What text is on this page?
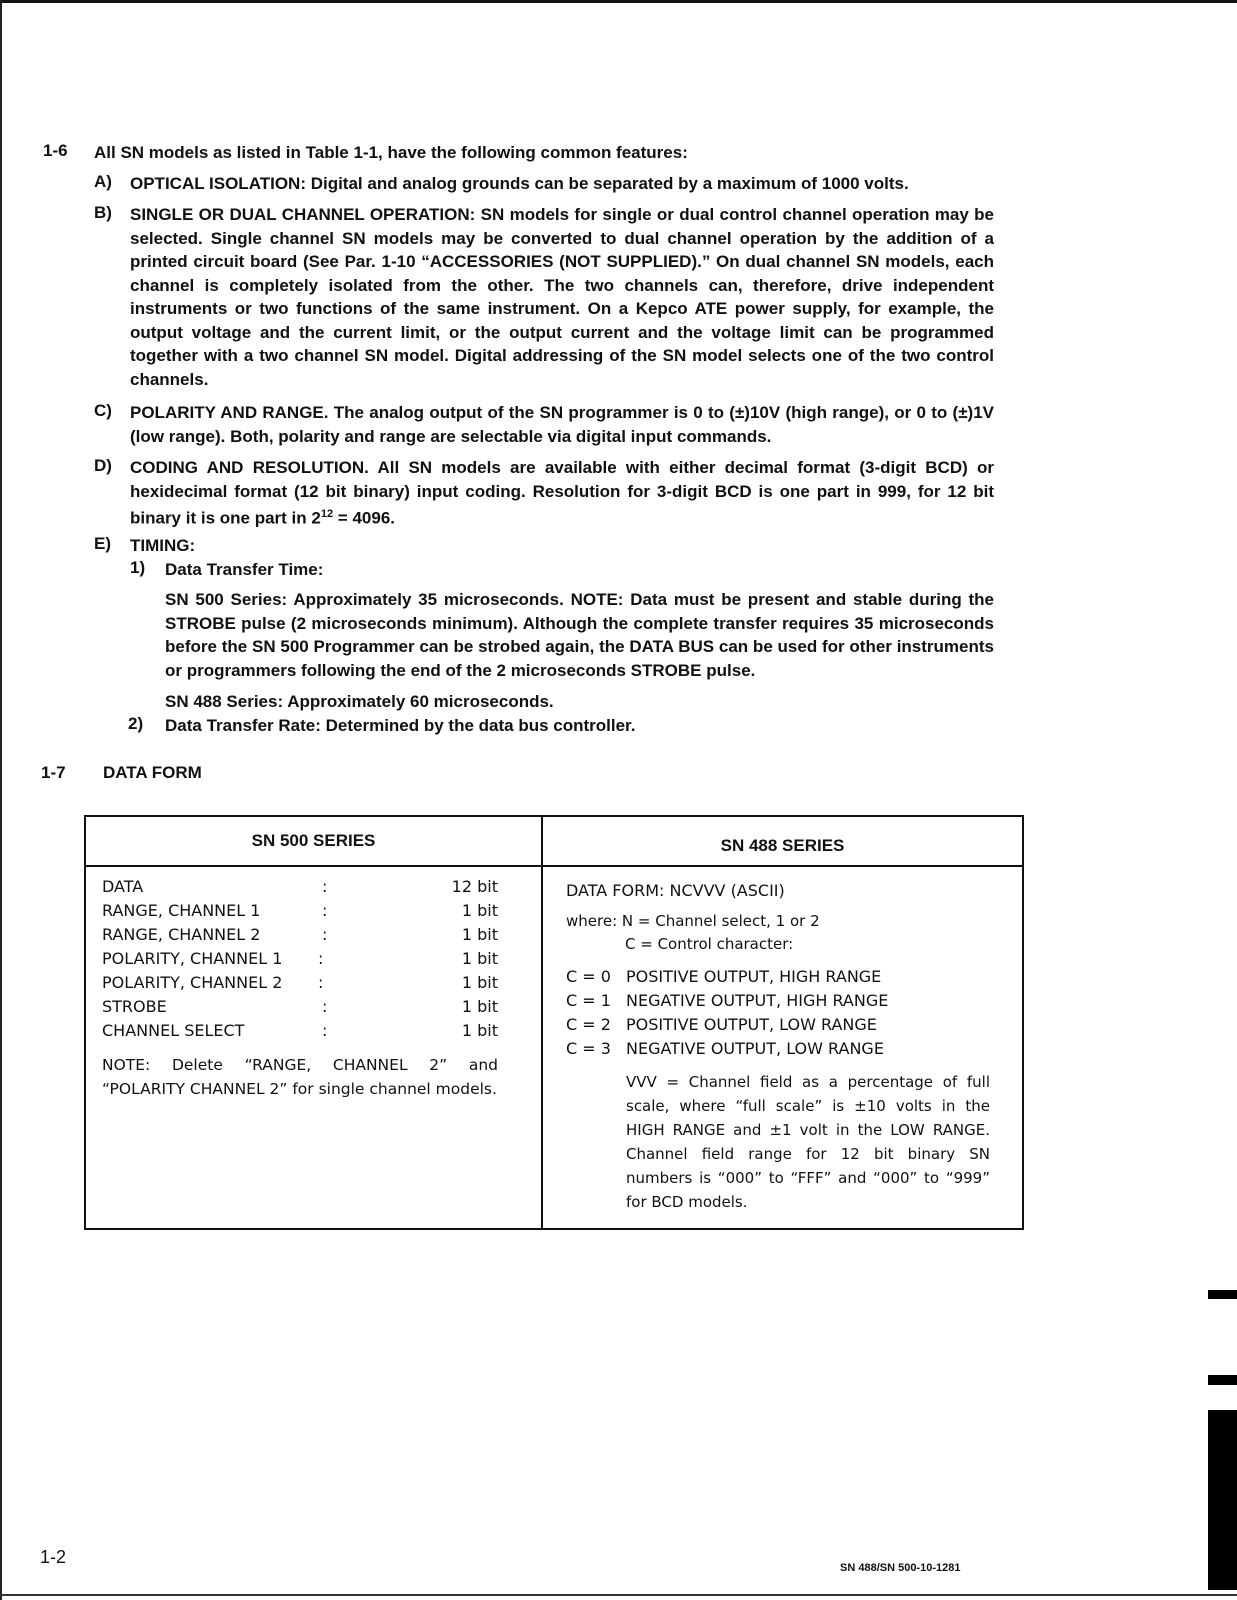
1-6 All SN models as listed in Table 1-1, have the following common features:
A) OPTICAL ISOLATION: Digital and analog grounds can be separated by a maximum of 1000 volts.

B) SINGLE OR DUAL CHANNEL OPERATION: SN models for single or dual control channel operation may be selected. Single channel SN models may be converted to dual channel operation by the addition of a printed circuit board (See Par. 1-10 “ACCESSORIES (NOT SUPPLIED).” On dual channel SN models, each channel is completely isolated from the other. The two channels can, therefore, drive independent instruments or two functions of the same instrument. On a Kepco ATE power supply, for example, the output voltage and the current limit, or the output current and the voltage limit can be programmed together with a two channel SN model. Digital addressing of the SN model selects one of the two control channels.

C) POLARITY AND RANGE. The analog output of the SN programmer is 0 to (±)10V (high range), or 0 to (±)1V (low range). Both, polarity and range are selectable via digital input commands.

D) CODING AND RESOLUTION. All SN models are available with either decimal format (3-digit BCD) or hexidecimal format (12 bit binary) input coding. Resolution for 3-digit BCD is one part in 999, for 12 bit binary it is one part in $2^{12} = 4096$.

E) TIMING:
1) Data Transfer Time:

SN 500 Series: Approximately 35 microseconds. NOTE: Data must be present and stable during the STROBE pulse (2 microseconds minimum). Although the complete transfer requires 35 microseconds before the SN 500 Programmer can be strobed again, the DATA BUS can be used for other instruments or programmers following the end of the 2 microseconds STROBE pulse.

SN 488 Series: Approximately 60 microseconds.
2) Data Transfer Rate: Determined by the data bus controller.
1-7 DATA FORM
SN 500 SERIES	SN 488 SERIES
DATA	:	12 bit
RANGE, CHANNEL 1	:	1 bit
RANGE, CHANNEL 2	:	1 bit
POLARITY, CHANNEL 1 :	1 bit
POLARITY, CHANNEL 2 :	1 bit
STROBE	:	1 bit
CHANNEL SELECT	:	1 bit
NOTE: Delete “RANGE, CHANNEL 2” and “POLARITY CHANNEL 2” for single channel models.
DATA FORM: NCVVV (ASCII)
where: N = Channel select, 1 or 2
C = Control character:
C = 0 POSITIVE OUTPUT, HIGH RANGE
C = 1 NEGATIVE OUTPUT, HIGH RANGE
C = 2 POSITIVE OUTPUT, LOW RANGE
C = 3 NEGATIVE OUTPUT, LOW RANGE
VVV = Channel field as a percentage of full scale, where “full scale” is ±10 volts in the HIGH RANGE and ±1 volt in the LOW RANGE. Channel field range for 12 bit binary SN numbers is “000” to “FFF” and “000” to “999” for BCD models.
1-2
SN 488/SN 500-10-1281
